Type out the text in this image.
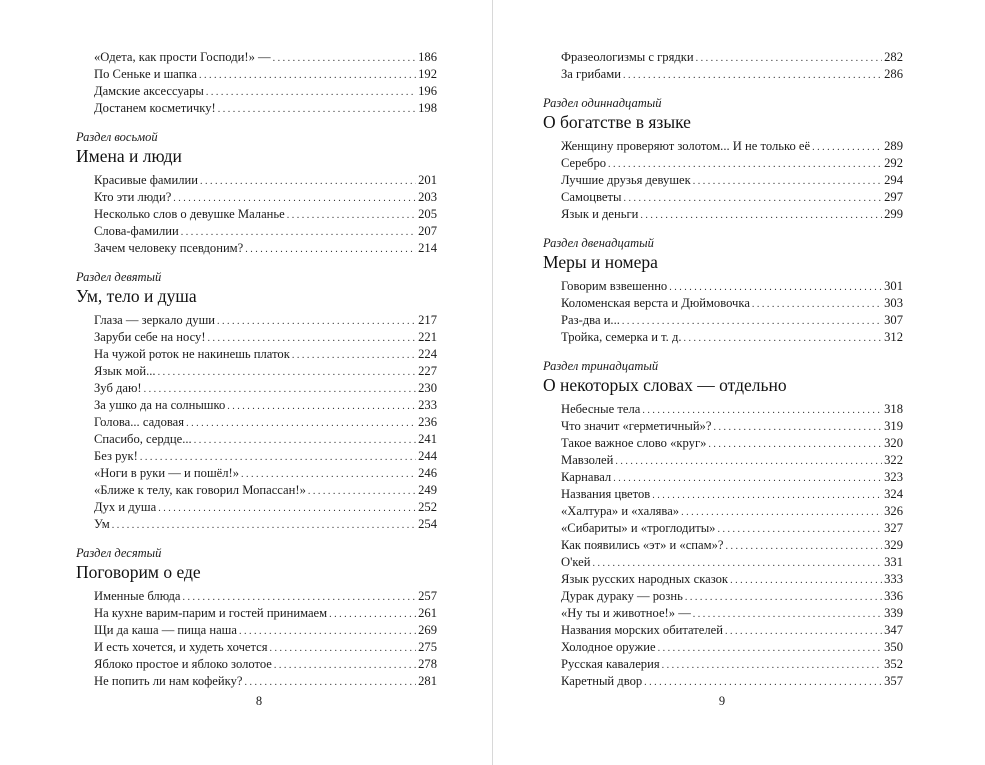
«Одета, как прости Господи!» — . . .	186
По Сеньке и шапка . . .	192
Дамские аксессуары . . .	196
Достанем косметичку! . . .	198
Раздел восьмой
Имена и люди
Красивые фамилии . . .	201
Кто эти люди? . . .	203
Несколько слов о девушке Маланье . . .	205
Слова-фамилии . . .	207
Зачем человеку псевдоним? . . .	214
Раздел девятый
Ум, тело и душа
Глаза — зеркало души . . .	217
Заруби себе на носу! . . .	221
На чужой роток не накинешь платок . . .	224
Язык мой... . . .	227
Зуб даю! . . .	230
За ушко да на солнышко . . .	233
Голова... садовая . . .	236
Спасибо, сердце... . . .	241
Без рук! . . .	244
«Ноги в руки — и пошёл!» . . .	246
«Ближе к телу, как говорил Мопассан!» . . .	249
Дух и душа . . .	252
Ум . . .	254
Раздел десятый
Поговорим о еде
Именные блюда . . .	257
На кухне варим-парим и гостей принимаем . . .	261
Щи да каша — пища наша . . .	269
И есть хочется, и худеть хочется . . .	275
Яблоко простое и яблоко золотое . . .	278
Не попить ли нам кофейку? . . .	281
Фразеологизмы с грядки . . .	282
За грибами . . .	286
Раздел одиннадцатый
О богатстве в языке
Женщину проверяют золотом... И не только её . . .	289
Серебро . . .	292
Лучшие друзья девушек . . .	294
Самоцветы . . .	297
Язык и деньги . . .	299
Раздел двенадцатый
Меры и номера
Говорим взвешенно . . .	301
Коломенская верста и Дюймовочка . . .	303
Раз-два и... . . .	307
Тройка, семерка и т. д. . . .	312
Раздел тринадцатый
О некоторых словах — отдельно
Небесные тела . . .	318
Что значит «герметичный»? . . .	319
Такое важное слово «круг» . . .	320
Мавзолей . . .	322
Карнавал . . .	323
Названия цветов . . .	324
«Халтура» и «халява» . . .	326
«Сибариты» и «троглодиты» . . .	327
Как появились «эт» и «спам»? . . .	329
О'кей . . .	331
Язык русских народных сказок . . .	333
Дурак дураку — рознь . . .	336
«Ну ты и животное!» — . . .	339
Названия морских обитателей . . .	347
Холодное оружие . . .	350
Русская кавалерия . . .	352
Каретный двор . . .	357
8	9
